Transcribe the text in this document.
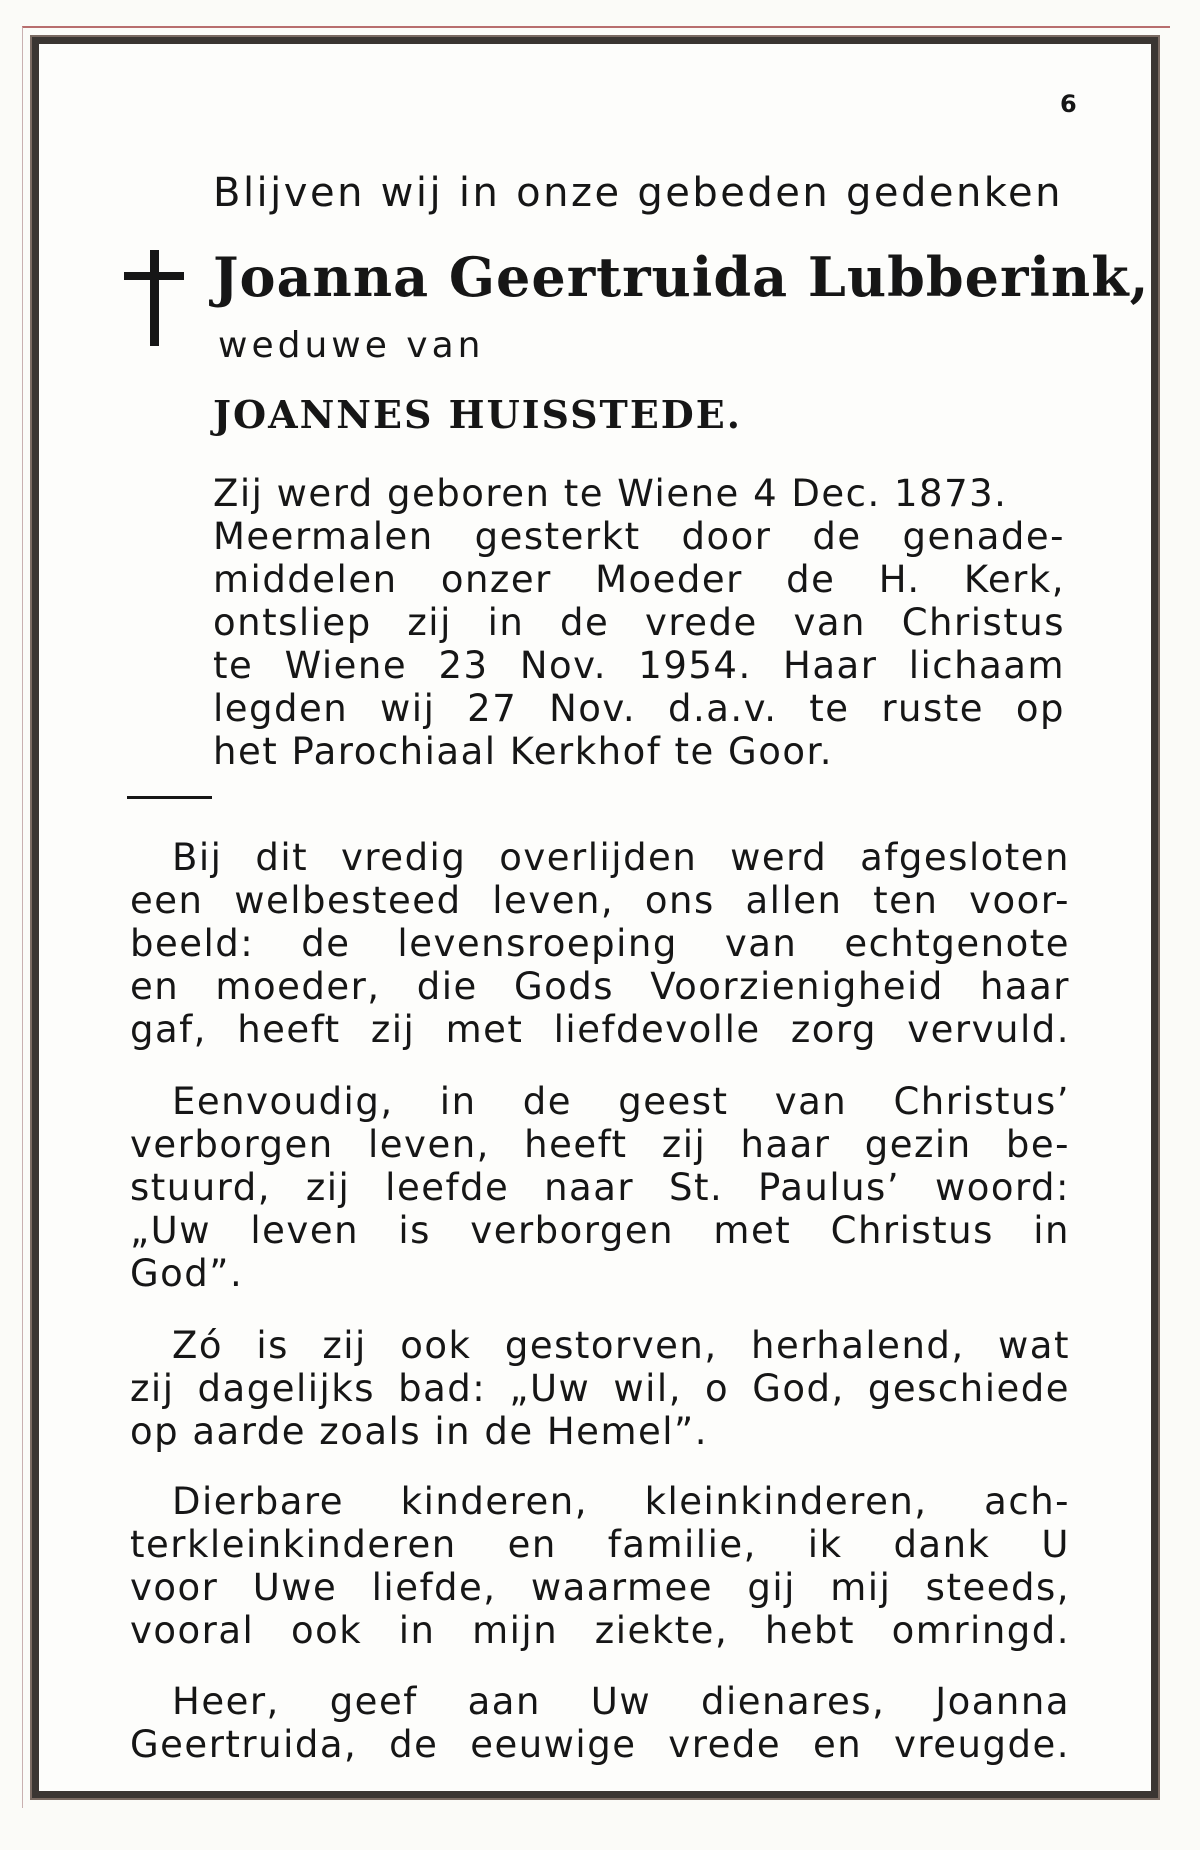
6
Blijven wij in onze gebeden gedenken
Joanna Geertruida Lubberink,
weduwe van
JOANNES HUISSTEDE.
Zij werd geboren te Wiene 4 Dec. 1873.
Meermalen gesterkt door de genade-
middelen onzer Moeder de H. Kerk,
ontsliep zij in de vrede van Christus
te Wiene 23 Nov. 1954. Haar lichaam
legden wij 27 Nov. d.a.v. te ruste op
het Parochiaal Kerkhof te Goor.
Bij dit vredig overlijden werd afgesloten
een welbesteed leven, ons allen ten voor-
beeld: de levensroeping van echtgenote
en moeder, die Gods Voorzienigheid haar
gaf, heeft zij met liefdevolle zorg vervuld.
Eenvoudig, in de geest van Christus’
verborgen leven, heeft zij haar gezin be-
stuurd, zij leefde naar St. Paulus’ woord:
„Uw leven is verborgen met Christus in
God”.
Zó is zij ook gestorven, herhalend, wat
zij dagelijks bad: „Uw wil, o God, geschiede
op aarde zoals in de Hemel”.
Dierbare kinderen, kleinkinderen, ach-
terkleinkinderen en familie, ik dank U
voor Uwe liefde, waarmee gij mij steeds,
vooral ook in mijn ziekte, hebt omringd.
Heer, geef aan Uw dienares, Joanna
Geertruida, de eeuwige vrede en vreugde.
